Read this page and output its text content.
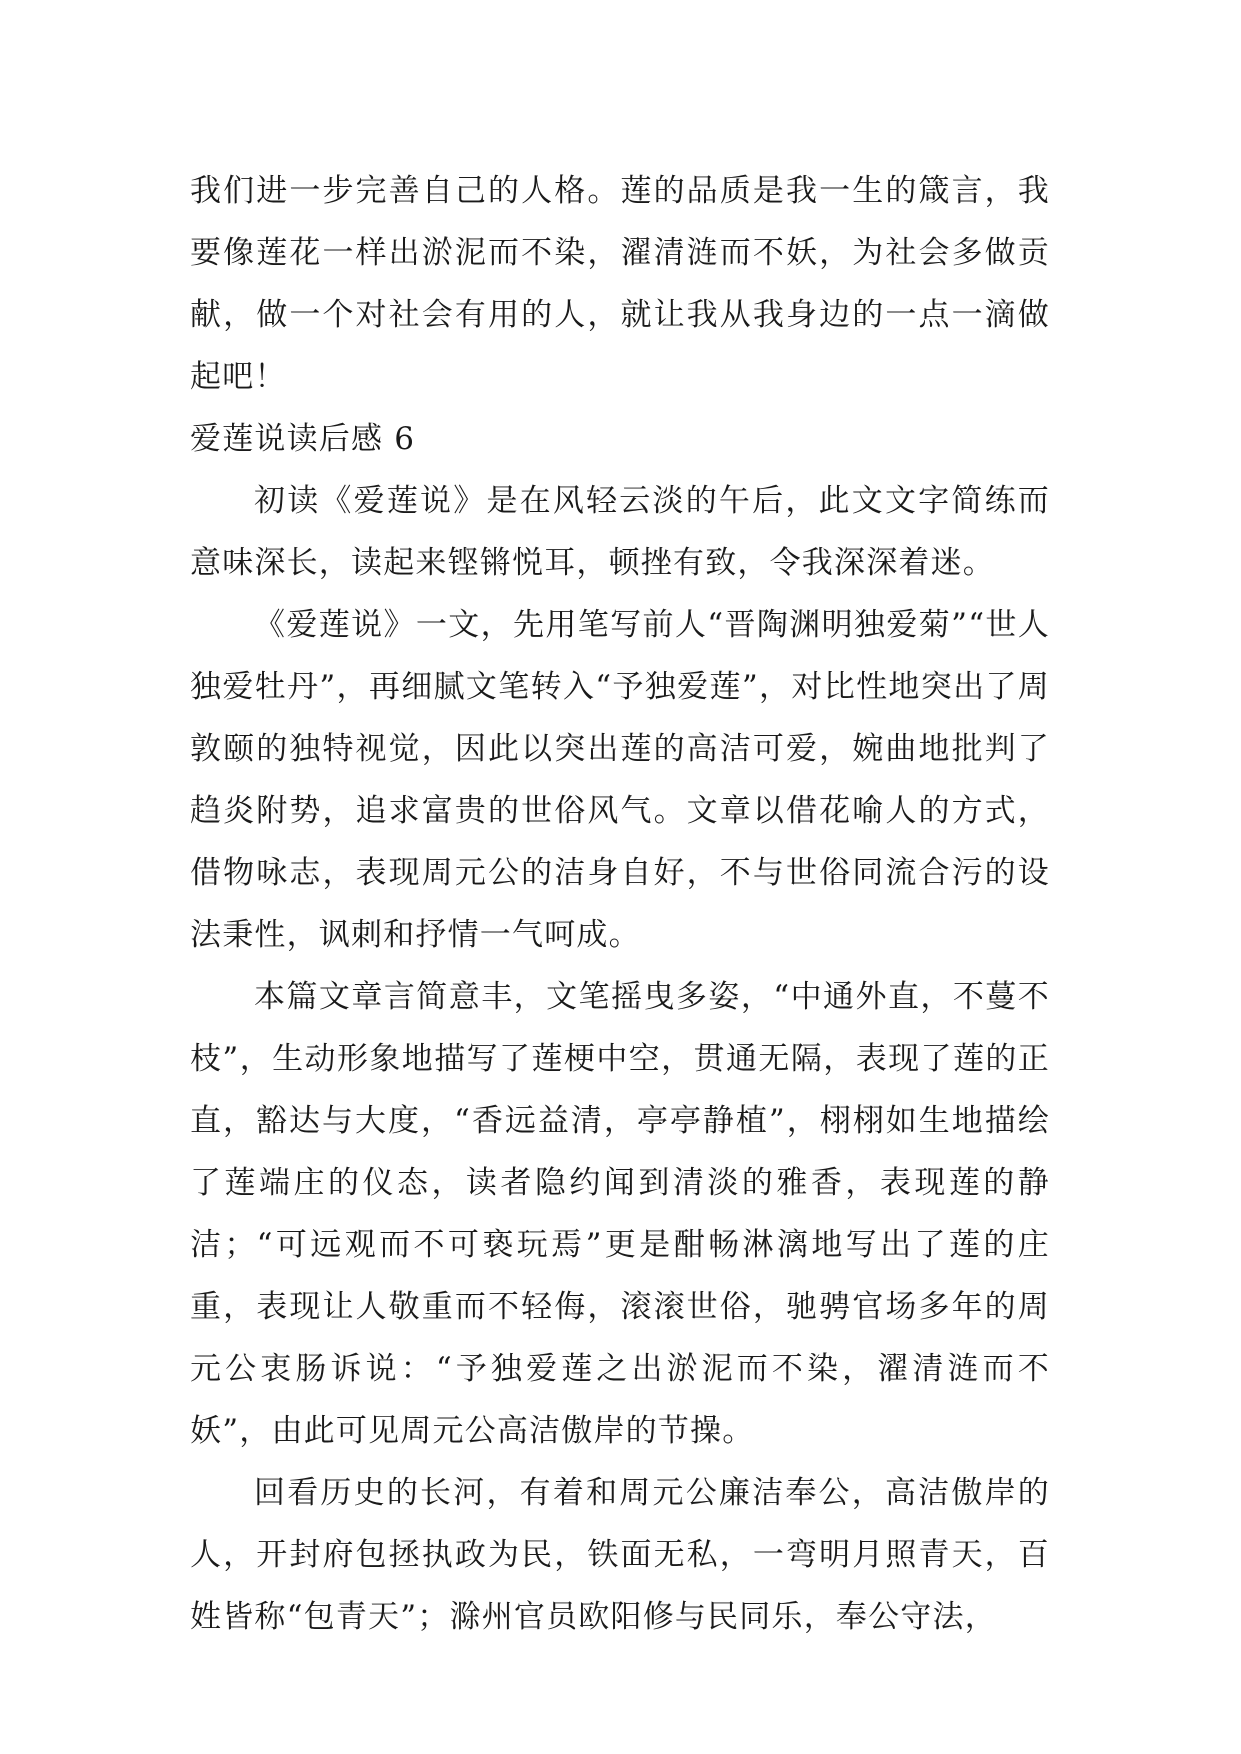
我们进一步完善自己的人格。莲的品质是我一生的箴言，我要像莲花一样出淤泥而不染，濯清涟而不妖，为社会多做贡献，做一个对社会有用的人，就让我从我身边的一点一滴做起吧！

爱莲说读后感 6

初读《爱莲说》是在风轻云淡的午后，此文文字简练而意味深长，读起来铿锵悦耳，顿挫有致，令我深深着迷。

《爱莲说》一文，先用笔写前人“晋陶渊明独爱菊”“世人独爱牡丹”，再细腻文笔转入“予独爱莲”，对比性地突出了周敦颐的独特视觉，因此以突出莲的高洁可爱，婉曲地批判了趋炎附势，追求富贵的世俗风气。文章以借花喻人的方式，借物咏志，表现周元公的洁身自好，不与世俗同流合污的设法秉性，讽刺和抒情一气呵成。

本篇文章言简意丰，文笔摇曳多姿，“中通外直，不蔓不枝”，生动形象地描写了莲梗中空，贯通无隔，表现了莲的正直，豁达与大度，“香远益清，亭亭静植”，栩栩如生地描绘了莲端庄的仪态，读者隐约闻到清淡的雅香，表现莲的静洁；“可远观而不可亵玩焉”更是酣畅淋漓地写出了莲的庄重，表现让人敬重而不轻侮，滚滚世俗，驰骋官场多年的周元公衷肠诉说：“予独爱莲之出淤泥而不染，濯清涟而不妖”，由此可见周元公高洁傲岸的节操。

回看历史的长河，有着和周元公廉洁奉公，高洁傲岸的人，开封府包拯执政为民，铁面无私，一弯明月照青天，百姓皆称“包青天”；滁州官员欧阳修与民同乐，奉公守法，
